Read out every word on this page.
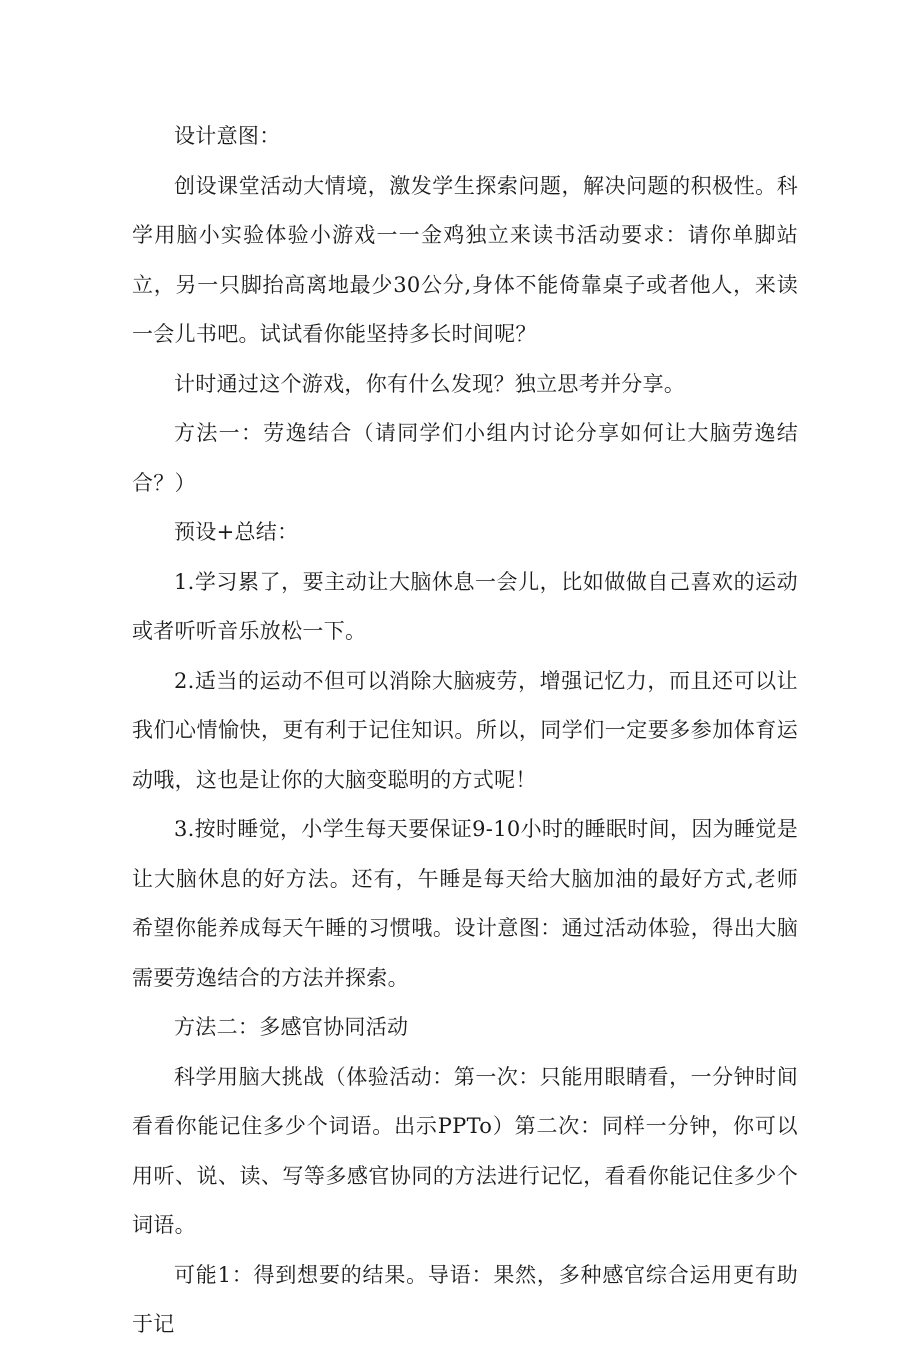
设计意图：

创设课堂活动大情境，激发学生探索问题，解决问题的积极性。科学用脑小实验体验小游戏一一金鸡独立来读书活动要求：请你单脚站立，另一只脚抬高离地最少30公分,身体不能倚靠桌子或者他人，来读一会儿书吧。试试看你能坚持多长时间呢？

计时通过这个游戏，你有什么发现？独立思考并分享。

方法一：劳逸结合（请同学们小组内讨论分享如何让大脑劳逸结合？）

预设+总结：

1.学习累了，要主动让大脑休息一会儿，比如做做自己喜欢的运动或者听听音乐放松一下。

2.适当的运动不但可以消除大脑疲劳，增强记忆力，而且还可以让我们心情愉快，更有利于记住知识。所以，同学们一定要多参加体育运动哦，这也是让你的大脑变聪明的方式呢！

3.按时睡觉，小学生每天要保证9-10小时的睡眠时间，因为睡觉是让大脑休息的好方法。还有，午睡是每天给大脑加油的最好方式,老师希望你能养成每天午睡的习惯哦。设计意图：通过活动体验，得出大脑需要劳逸结合的方法并探索。

方法二：多感官协同活动

科学用脑大挑战（体验活动：第一次：只能用眼睛看，一分钟时间看看你能记住多少个词语。出示PPTo）第二次：同样一分钟，你可以用听、说、读、写等多感官协同的方法进行记忆，看看你能记住多少个词语。

可能1：得到想要的结果。导语：果然，多种感官综合运用更有助于记
